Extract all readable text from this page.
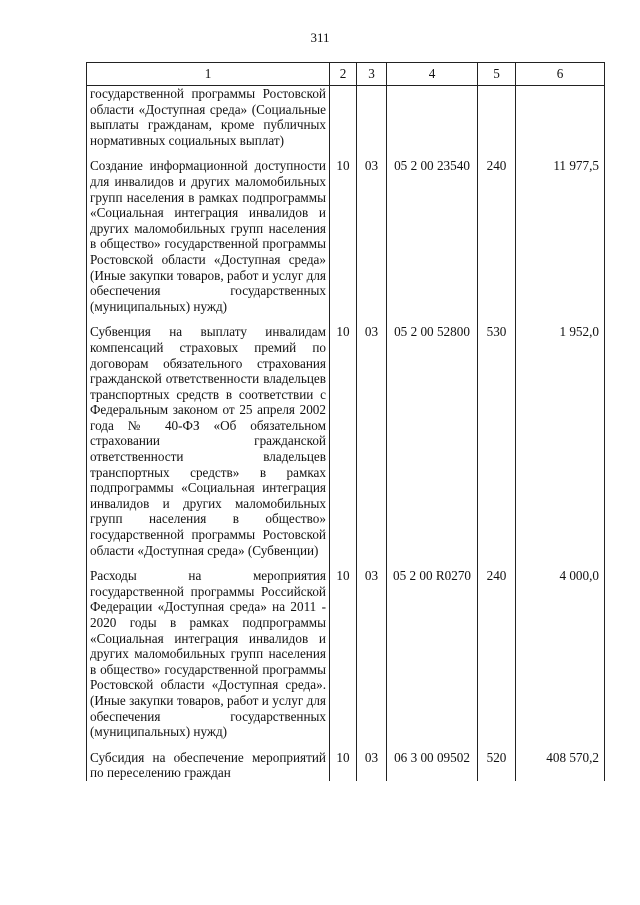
311
1	2	3	4	5	6
государственной программы Ростовской области «Доступная среда» (Социальные выплаты гражданам, кроме публичных нормативных социальных выплат)					

Создание информационной доступности для инвалидов и других маломобильных групп населения в рамках подпрограммы «Социальная интеграция инвалидов и других маломобильных групп населения в общество» государственной программы Ростовской области «Доступная среда» (Иные закупки товаров, работ и услуг для обеспечения государственных (муниципальных) нужд)	10	03	05 2 00 23540	240	11 977,5

Субвенция на выплату инвалидам компенсаций страховых премий по договорам обязательного страхования гражданской ответственности владельцев транспортных средств в соответствии с Федеральным законом от 25 апреля 2002 года № 40-ФЗ «Об обязательном страховании гражданской ответственности владельцев транспортных средств» в рамках подпрограммы «Социальная интеграция инвалидов и других маломобильных групп населения в общество» государственной программы Ростовской области «Доступная среда» (Субвенции)	10	03	05 2 00 52800	530	1 952,0

Расходы на мероприятия государственной программы Российской Федерации «Доступная среда» на 2011 - 2020 годы в рамках подпрограммы «Социальная интеграция инвалидов и других маломобильных групп населения в общество» государственной программы Ростовской области «Доступная среда». (Иные закупки товаров, работ и услуг для обеспечения государственных (муниципальных) нужд)	10	03	05 2 00 R0270	240	4 000,0

Субсидия на обеспечение мероприятий по переселению граждан	10	03	06 3 00 09502	520	408 570,2
